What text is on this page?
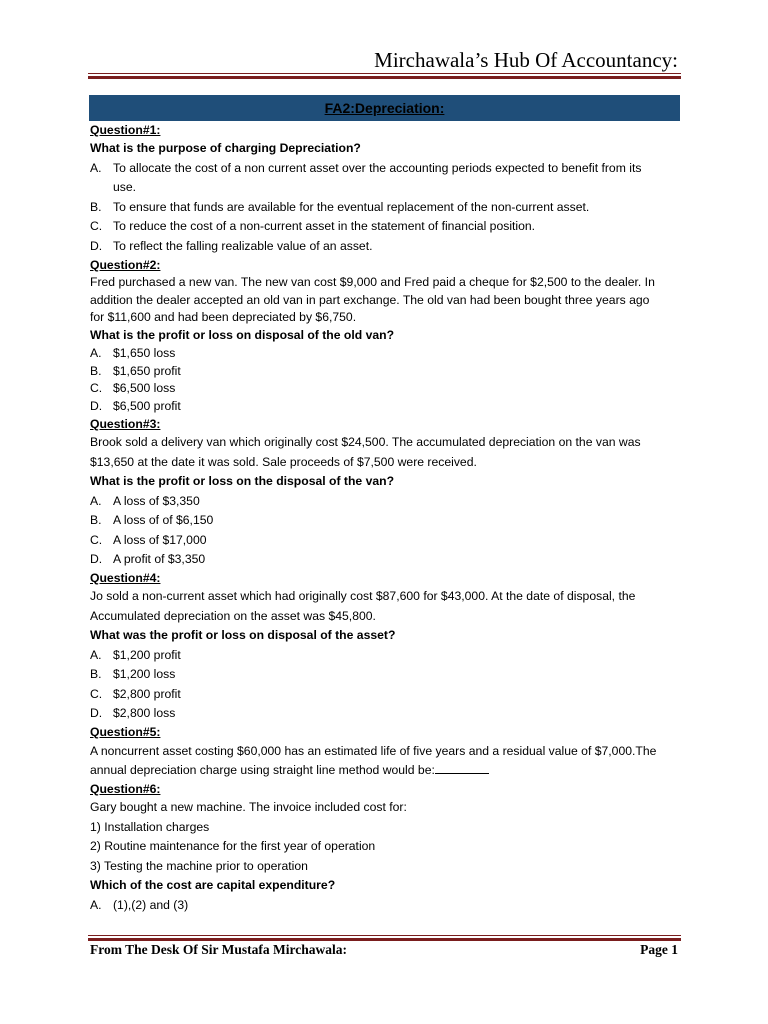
Mirchawala’s Hub Of Accountancy:
FA2:Depreciation:
Question#1:
What is the purpose of charging Depreciation?
A. To allocate the cost of a non current asset over the accounting periods expected to benefit from its
use.
B. To ensure that funds are available for the eventual replacement of the non-current asset.
C. To reduce the cost of a non-current asset in the statement of financial position.
D. To reflect the falling realizable value of an asset.
Question#2:
Fred purchased a new van. The new van cost $9,000 and Fred paid a cheque for $2,500 to the dealer. In
addition the dealer accepted an old van in part exchange. The old van had been bought three years ago
for $11,600 and had been depreciated by $6,750.
What is the profit or loss on disposal of the old van?
A. $1,650 loss
B. $1,650 profit
C. $6,500 loss
D. $6,500 profit
Question#3:
Brook sold a delivery van which originally cost $24,500. The accumulated depreciation on the van was
$13,650 at the date it was sold. Sale proceeds of $7,500 were received.
What is the profit or loss on the disposal of the van?
A. A loss of $3,350
B. A loss of of $6,150
C. A loss of $17,000
D. A profit of $3,350
Question#4:
Jo sold a non-current asset which had originally cost $87,600 for $43,000. At the date of disposal, the
Accumulated depreciation on the asset was $45,800.
What was the profit or loss on disposal of the asset?
A. $1,200 profit
B. $1,200 loss
C. $2,800 profit
D. $2,800 loss
Question#5:
A noncurrent asset costing $60,000 has an estimated life of five years and a residual value of $7,000.The
annual depreciation charge using straight line method would be:
Question#6:
Gary bought a new machine. The invoice included cost for:
1) Installation charges
2) Routine maintenance for the first year of operation
3) Testing the machine prior to operation
Which of the cost are capital expenditure?
A. (1),(2) and (3)
From The Desk Of Sir Mustafa Mirchawala:	Page 1
